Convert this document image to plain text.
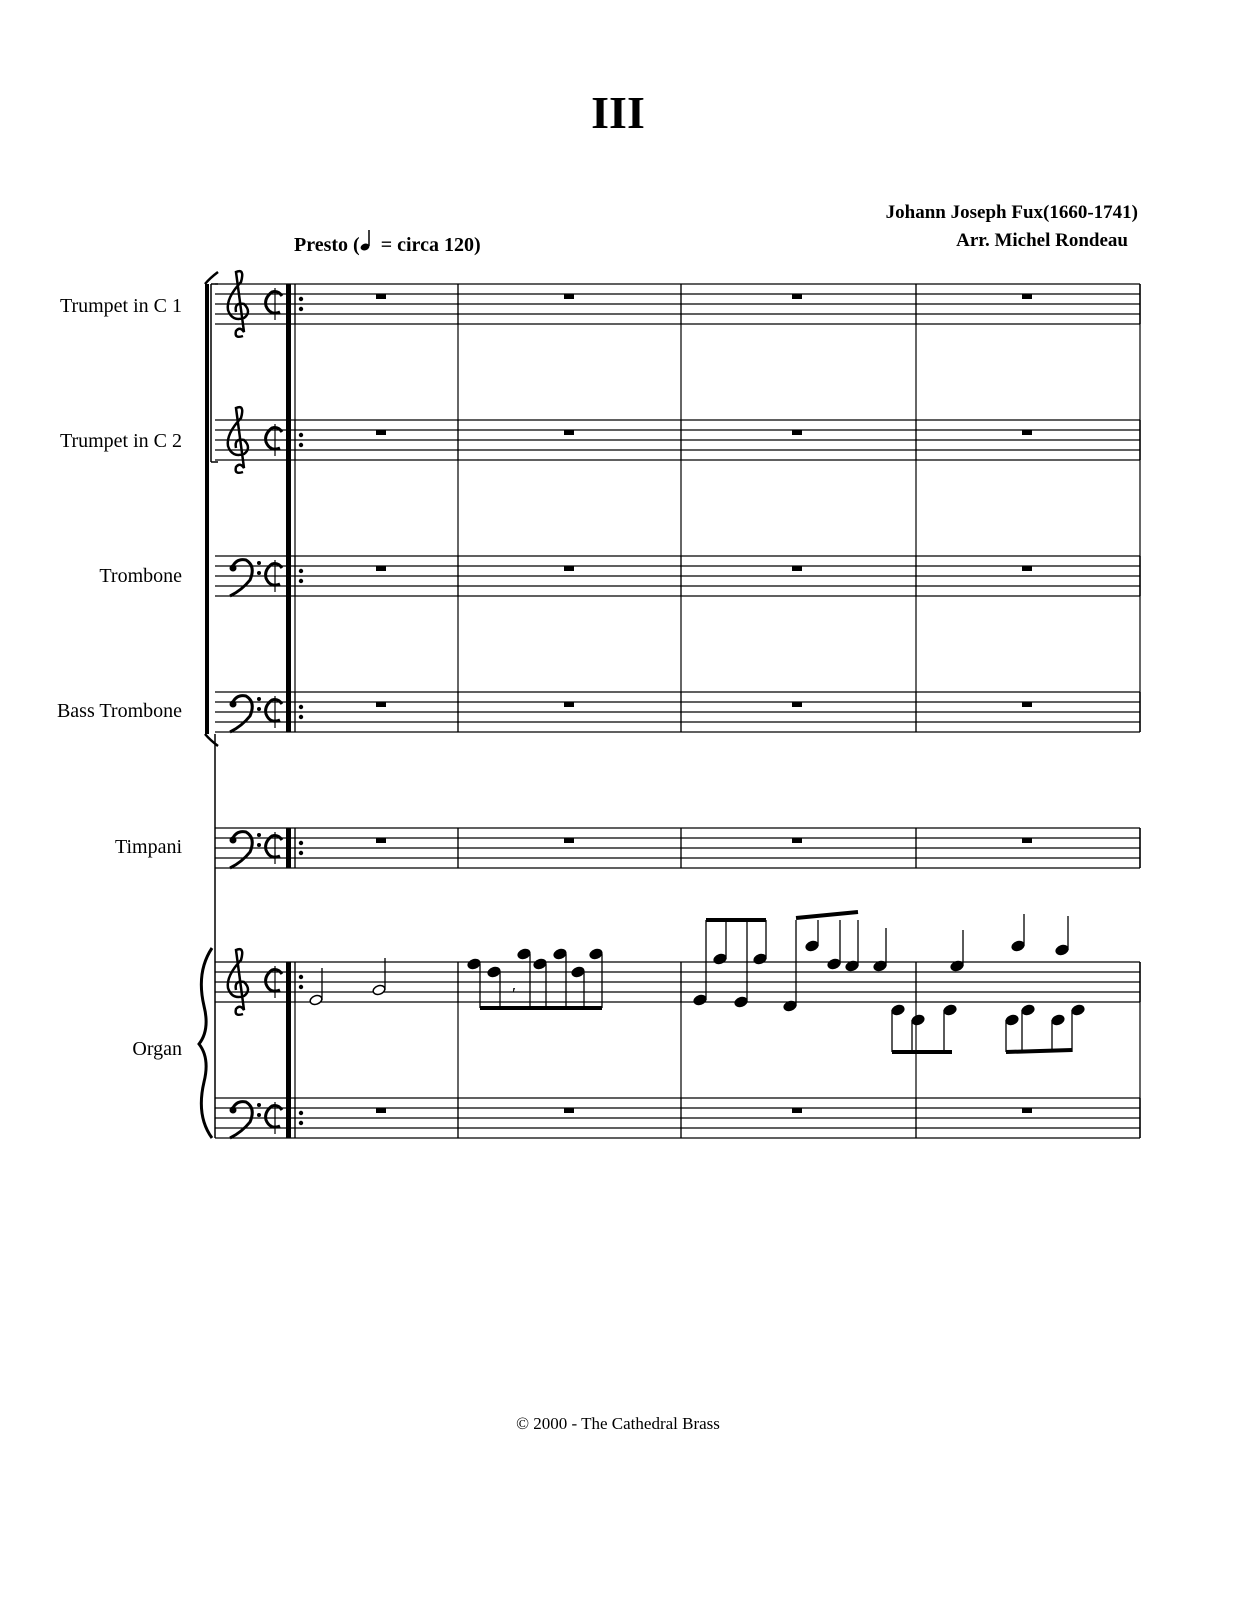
III
Johann Joseph Fux(1660-1741)
Arr. Michel Rondeau
Presto ( = circa 120)
Trumpet in C 1
Trumpet in C 2
Trombone
Bass Trombone
Timpani
Organ
′
© 2000 - The Cathedral Brass
